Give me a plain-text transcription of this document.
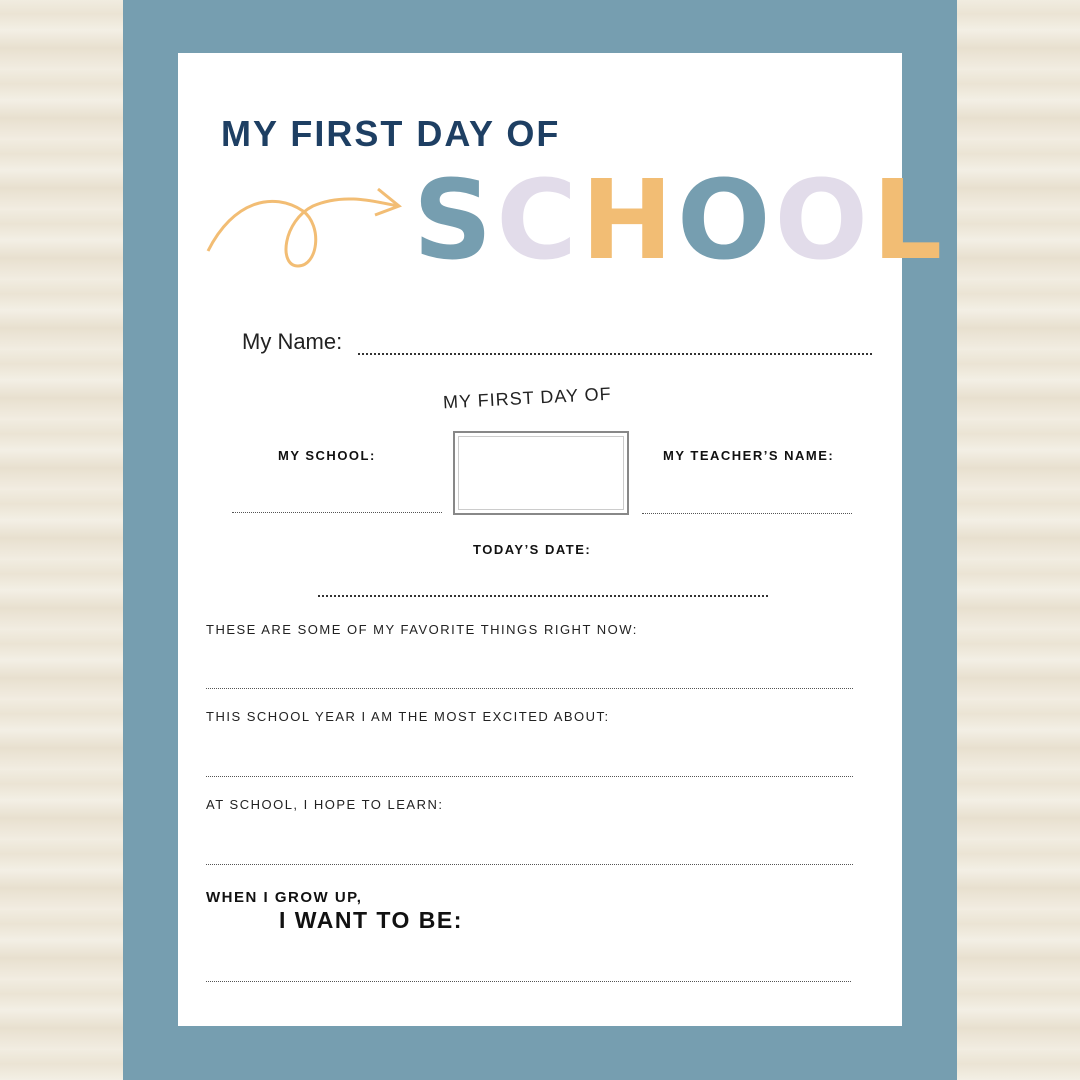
MY FIRST DAY OF
S C H O O L
My Name:
MY FIRST DAY OF
MY SCHOOL:	MY TEACHER’S NAME:
TODAY’S DATE:
THESE ARE SOME OF MY FAVORITE THINGS RIGHT NOW:
THIS SCHOOL YEAR I AM THE MOST EXCITED ABOUT:
AT SCHOOL, I HOPE TO LEARN:
WHEN I GROW UP,
I WANT TO BE:
